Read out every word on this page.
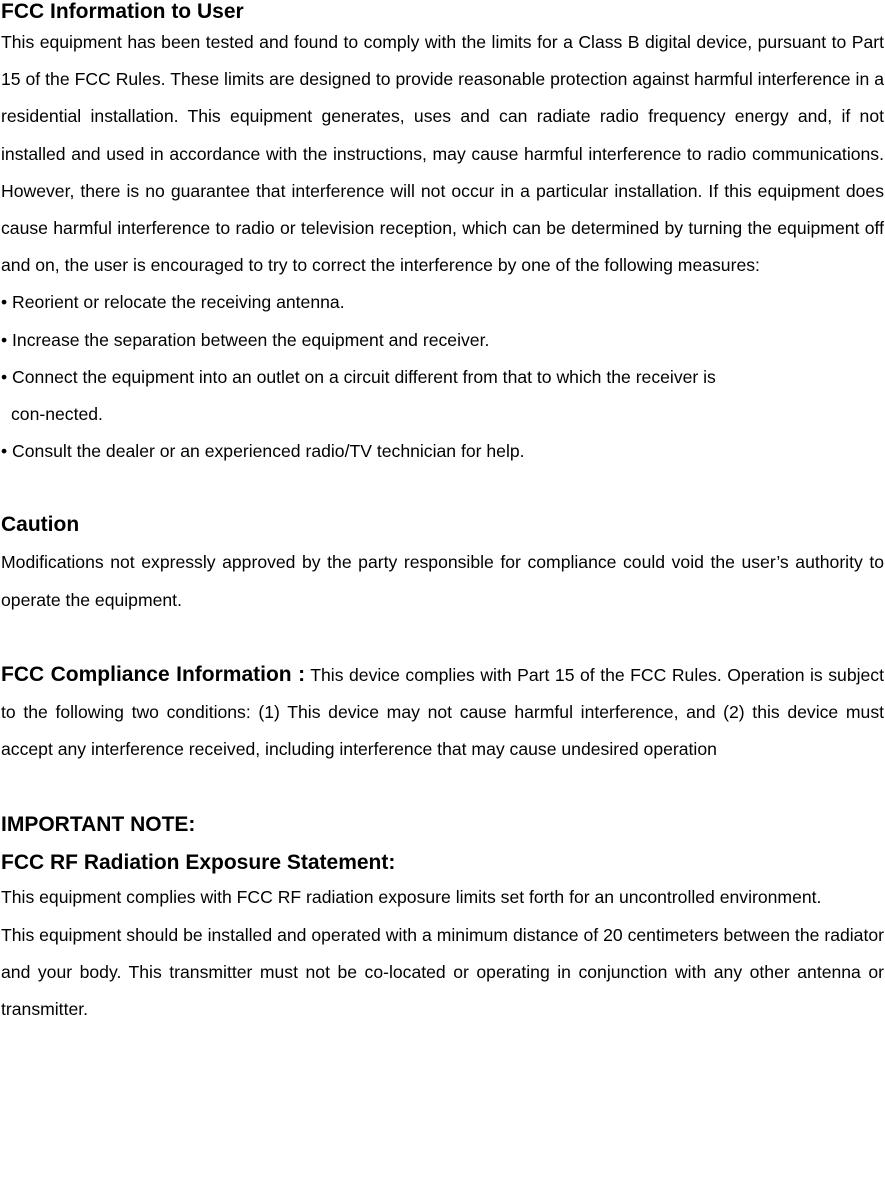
FCC Information to User

This equipment has been tested and found to comply with the limits for a Class B digital device, pursuant to Part 15 of the FCC Rules. These limits are designed to provide reasonable protection against harmful interference in a residential installation. This equipment generates, uses and can radiate radio frequency energy and, if not installed and used in accordance with the instructions, may cause harmful interference to radio communications. However, there is no guarantee that interference will not occur in a particular installation. If this equipment does cause harmful interference to radio or television reception, which can be determined by turning the equipment off and on, the user is encouraged to try to correct the interference by one of the following measures:

• Reorient or relocate the receiving antenna.

• Increase the separation between the equipment and receiver.

• Connect the equipment into an outlet on a circuit different from that to which the receiver is
con-nected.

• Consult the dealer or an experienced radio/TV technician for help.

Caution

Modifications not expressly approved by the party responsible for compliance could void the user’s authority to operate the equipment.

FCC Compliance Information : This device complies with Part 15 of the FCC Rules. Operation is subject to the following two conditions: (1) This device may not cause harmful interference, and (2) this device must accept any interference received, including interference that may cause undesired operation

IMPORTANT NOTE:
FCC RF Radiation Exposure Statement:

This equipment complies with FCC RF radiation exposure limits set forth for an uncontrolled environment.

This equipment should be installed and operated with a minimum distance of 20 centimeters between the radiator and your body. This transmitter must not be co-located or operating in conjunction with any other antenna or transmitter.
